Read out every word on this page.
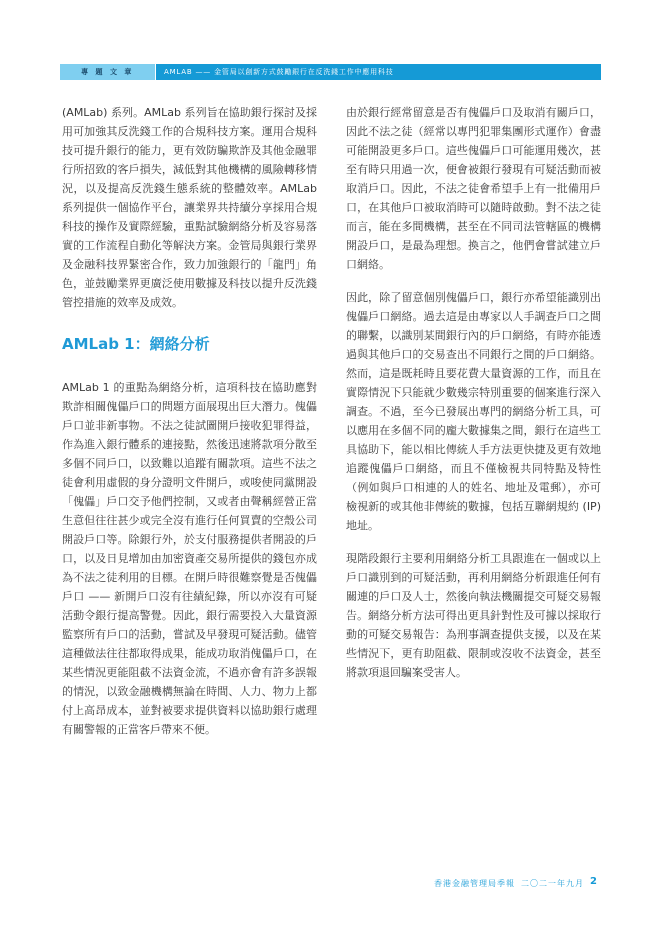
專 題 文 章	AMLAB —— 金管局以創新方式鼓勵銀行在反洗錢工作中應用科技

(AMLab) 系列。AMLab 系列旨在協助銀行探討及採用可加強其反洗錢工作的合規科技方案。運用合規科技可提升銀行的能力，更有效防騙欺詐及其他金融罪行所招致的客戶損失，減低對其他機構的風險轉移情況，以及提高反洗錢生態系統的整體效率。AMLab 系列提供一個協作平台，讓業界共持續分享採用合規科技的操作及實際經驗，重點試驗網絡分析及容易落實的工作流程自動化等解決方案。金管局與銀行業界及金融科技界緊密合作，致力加強銀行的「龍門」角色，並鼓勵業界更廣泛使用數據及科技以提升反洗錢管控措施的效率及成效。

AMLab 1：網絡分析

AMLab 1 的重點為網絡分析，這項科技在協助應對欺詐相關傀儡戶口的問題方面展現出巨大潛力。傀儡戶口並非新事物。不法之徒試圖開戶接收犯罪得益，作為進入銀行體系的連接點，然後迅速將款項分散至多個不同戶口，以致難以追蹤有關款項。這些不法之徒會利用虛假的身分證明文件開戶，或唆使同黨開設「傀儡」戶口交予他們控制，又或者由聲稱經營正當生意但往往甚少或完全沒有進行任何買賣的空殼公司開設戶口等。除銀行外，於支付服務提供者開設的戶口，以及日見增加由加密資產交易所提供的錢包亦成為不法之徒利用的目標。在開戶時很難察覺是否傀儡戶口 —— 新開戶口沒有往績紀錄，所以亦沒有可疑活動令銀行提高警覺。因此，銀行需要投入大量資源監察所有戶口的活動，嘗試及早發現可疑活動。儘管這種做法往往都取得成果，能成功取消傀儡戶口，在某些情況更能阻截不法資金流，不過亦會有許多誤報的情況，以致金融機構無論在時間、人力、物力上都付上高昂成本，並對被要求提供資料以協助銀行處理有關警報的正當客戶帶來不便。

由於銀行經常留意是否有傀儡戶口及取消有關戶口，因此不法之徒（經常以專門犯罪集團形式運作）會盡可能開設更多戶口。這些傀儡戶口可能運用幾次，甚至有時只用過一次，便會被銀行發現有可疑活動而被取消戶口。因此，不法之徒會希望手上有一批備用戶口，在其他戶口被取消時可以隨時啟動。對不法之徒而言，能在多間機構，甚至在不同司法管轄區的機構開設戶口，是最為理想。換言之，他們會嘗試建立戶口網絡。

因此，除了留意個別傀儡戶口，銀行亦希望能識別出傀儡戶口網絡。過去這是由專家以人手調查戶口之間的聯繫，以識別某間銀行內的戶口網絡，有時亦能透過與其他戶口的交易查出不同銀行之間的戶口網絡。然而，這是既耗時且要花費大量資源的工作，而且在實際情況下只能就少數幾宗特別重要的個案進行深入調查。不過，至今已發展出專門的網絡分析工具，可以應用在多個不同的龐大數據集之間，銀行在這些工具協助下，能以相比傳統人手方法更快捷及更有效地追蹤傀儡戶口網絡，而且不僅檢視共同特點及特性（例如與戶口相連的人的姓名、地址及電郵），亦可檢視新的或其他非傳統的數據，包括互聯網規約 (IP) 地址。

現階段銀行主要利用網絡分析工具跟進在一個或以上戶口識別到的可疑活動，再利用網絡分析跟進任何有關連的戶口及人士，然後向執法機關提交可疑交易報告。網絡分析方法可得出更具針對性及可據以採取行動的可疑交易報告：為刑事調查提供支援，以及在某些情況下，更有助阻截、限制或沒收不法資金，甚至將款項退回騙案受害人。

香港金融管理局季報 二〇二一年九月 2
